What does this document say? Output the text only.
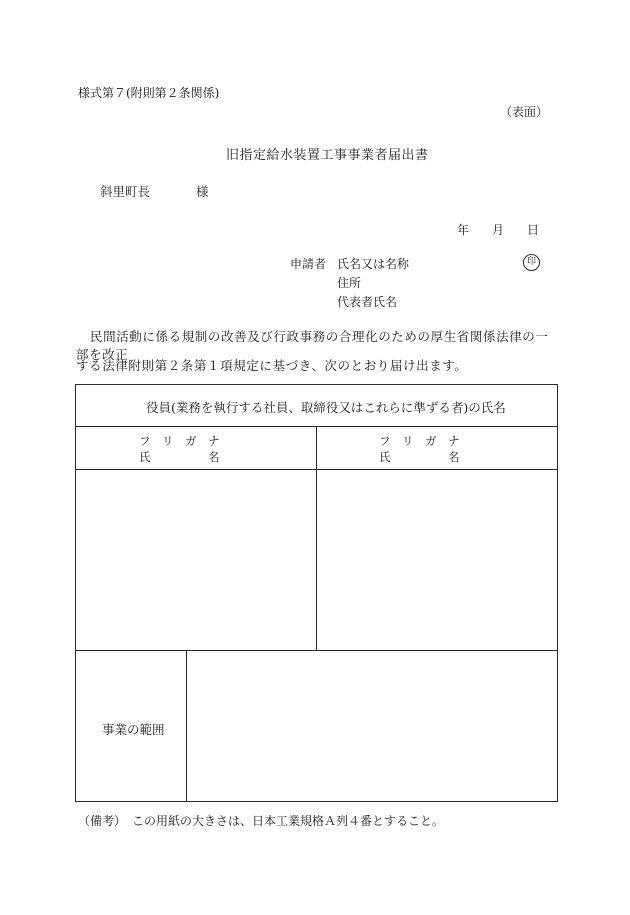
様式第７(附則第２条関係)
（表面）
旧指定給水装置工事事業者届出書
斜里町長	様
年 月 日
申請者 氏名又は名称	印
住所
代表者氏名
民間活動に係る規制の改善及び行政事務の合理化のための厚生省関係法律の一部を改正
する法律附則第２条第１項規定に基づき、次のとおり届け出ます。
役員(業務を執行する社員、取締役又はこれらに準ずる者)の氏名
フ　リ　ガ　ナ
氏　　　　　名
フ　リ　ガ　ナ
氏　　　　　名
事業の範囲
（備考）　この用紙の大きさは、日本工業規格Ａ列４番とすること。
